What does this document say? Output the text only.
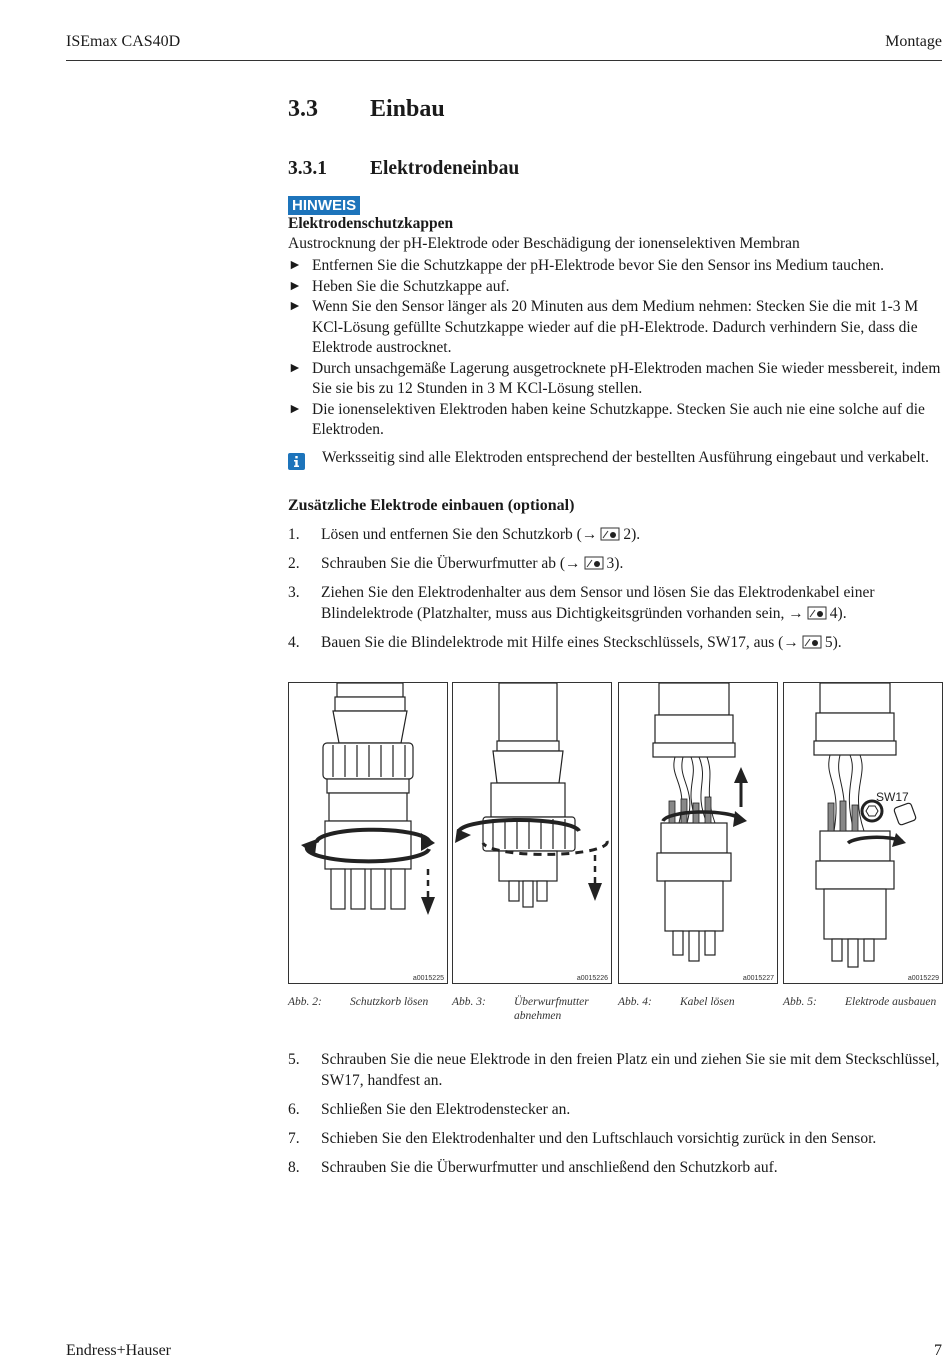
ISEmax CAS40D	Montage
3.3 Einbau
3.3.1 Elektrodeneinbau
HINWEIS
Elektrodenschutzkappen
Austrocknung der pH-Elektrode oder Beschädigung der ionenselektiven Membran
► Entfernen Sie die Schutzkappe der pH-Elektrode bevor Sie den Sensor ins Medium tauchen.
► Heben Sie die Schutzkappe auf.
► Wenn Sie den Sensor länger als 20 Minuten aus dem Medium nehmen: Stecken Sie die mit 1-3 M KCl-Lösung gefüllte Schutzkappe wieder auf die pH-Elektrode. Dadurch verhindern Sie, dass die Elektrode austrocknet.
► Durch unsachgemäße Lagerung ausgetrocknete pH-Elektroden machen Sie wieder messbereit, indem Sie sie bis zu 12 Stunden in 3 M KCl-Lösung stellen.
► Die ionenselektiven Elektroden haben keine Schutzkappe. Stecken Sie auch nie eine solche auf die Elektroden.
Werksseitig sind alle Elektroden entsprechend der bestellten Ausführung eingebaut und verkabelt.
Zusätzliche Elektrode einbauen (optional)
1. Lösen und entfernen Sie den Schutzkorb (→ 2).
2. Schrauben Sie die Überwurfmutter ab (→ 3).
3. Ziehen Sie den Elektrodenhalter aus dem Sensor und lösen Sie das Elektrodenkabel einer Blindelektrode (Platzhalter, muss aus Dichtigkeitsgründen vorhanden sein, → 4).
4. Bauen Sie die Blindelektrode mit Hilfe eines Steckschlüssels, SW17, aus (→ 5).
5. Schrauben Sie die neue Elektrode in den freien Platz ein und ziehen Sie sie mit dem Steckschlüssel, SW17, handfest an.
6. Schließen Sie den Elektrodenstecker an.
7. Schieben Sie den Elektrodenhalter und den Luftschlauch vorsichtig zurück in den Sensor.
8. Schrauben Sie die Überwurfmutter und anschließend den Schutzkorb auf.
a0015225
Abb. 2: Schutzkorb lösen
a0015226
Abb. 3: Überwurfmutter abnehmen
a0015227
Abb. 4: Kabel lösen
SW17
a0015229
Abb. 5: Elektrode ausbauen
Endress+Hauser	7
